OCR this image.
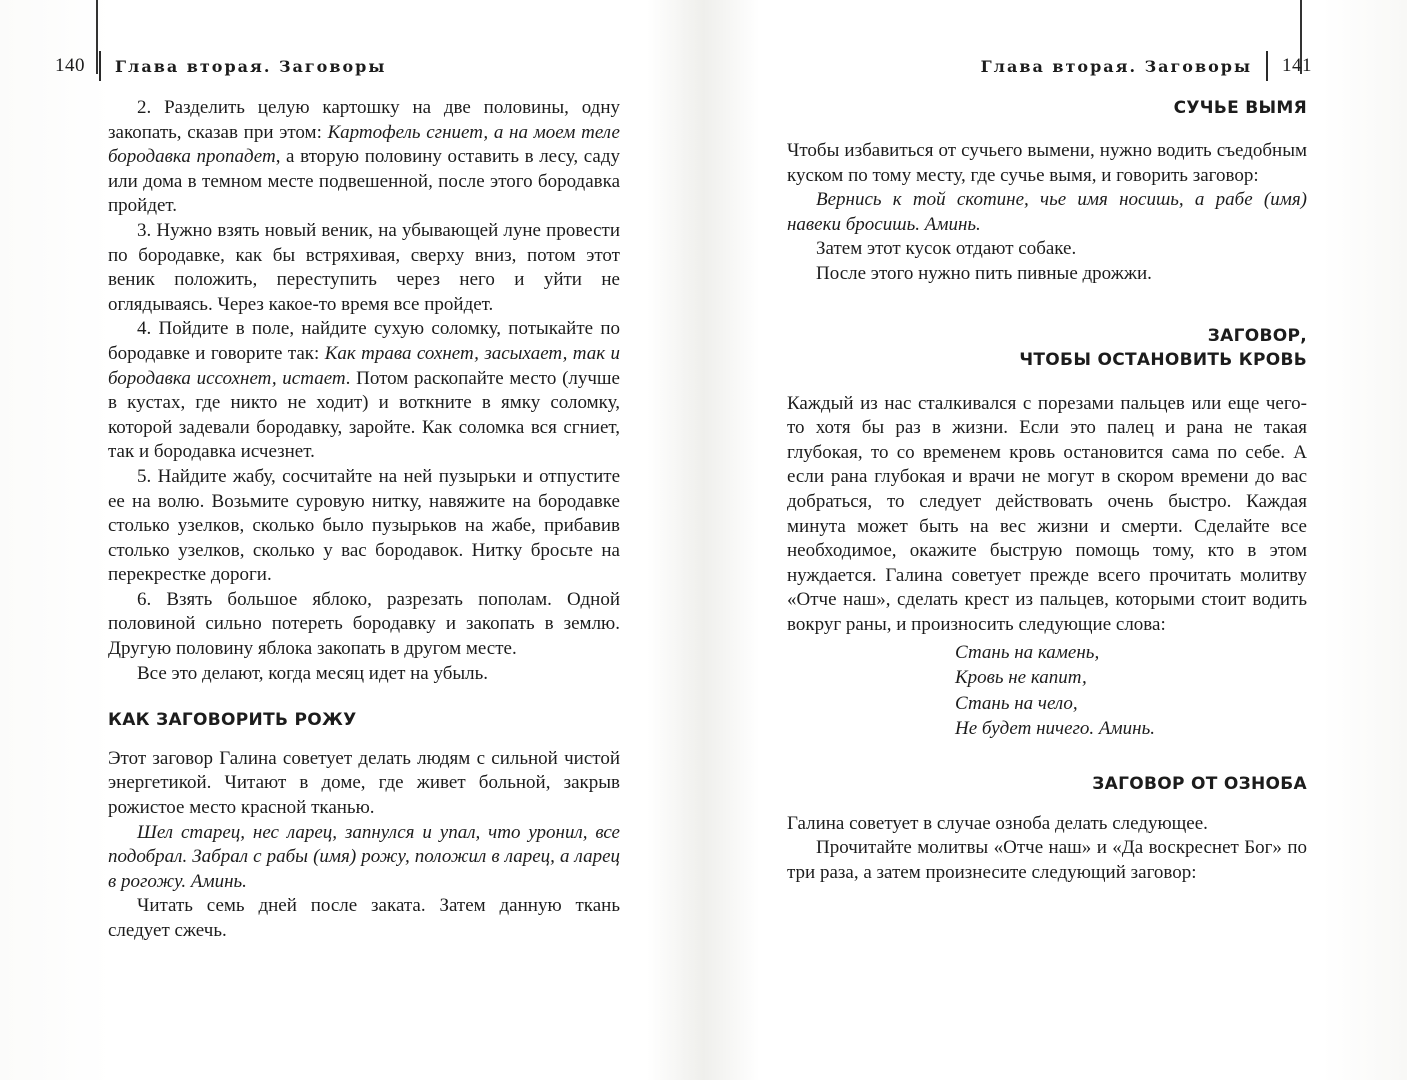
140 Глава вторая. Заговоры

2. Разделить целую картошку на две половины, одну закопать, сказав при этом: Картофель сгниет, а на моем теле бородавка пропадет, а вторую половину оставить в лесу, саду или дома в темном месте подвешенной, после этого бородавка пройдет.

3. Нужно взять новый веник, на убывающей луне провести по бородавке, как бы встряхивая, сверху вниз, потом этот веник положить, переступить через него и уйти не оглядываясь. Через какое-то время все пройдет.

4. Пойдите в поле, найдите сухую соломку, потыкайте по бородавке и говорите так: Как трава сохнет, засыхает, так и бородавка иссохнет, истает. Потом раскопайте место (лучше в кустах, где никто не ходит) и воткните в ямку соломку, которой задевали бородавку, заройте. Как соломка вся сгниет, так и бородавка исчезнет.

5. Найдите жабу, сосчитайте на ней пузырьки и отпустите ее на волю. Возьмите суровую нитку, навяжите на бородавке столько узелков, сколько было пузырьков на жабе, прибавив столько узелков, сколько у вас бородавок. Нитку бросьте на перекрестке дороги.

6. Взять большое яблоко, разрезать пополам. Одной половиной сильно потереть бородавку и закопать в землю. Другую половину яблока закопать в другом месте.

Все это делают, когда месяц идет на убыль.

КАК ЗАГОВОРИТЬ РОЖУ

Этот заговор Галина советует делать людям с сильной чистой энергетикой. Читают в доме, где живет больной, закрыв рожистое место красной тканью.

Шел старец, нес ларец, запнулся и упал, что уронил, все подобрал. Забрал с рабы (имя) рожу, положил в ларец, а ларец в рогожу. Аминь.

Читать семь дней после заката. Затем данную ткань следует сжечь.

Глава вторая. Заговоры 141
СУЧЬЕ ВЫМЯ

Чтобы избавиться от сучьего вымени, нужно водить съедобным куском по тому месту, где сучье вымя, и говорить заговор:

Вернись к той скотине, чье имя носишь, а рабе (имя) навеки бросишь. Аминь.

Затем этот кусок отдают собаке.

После этого нужно пить пивные дрожжи.

ЗАГОВОР,
ЧТОБЫ ОСТАНОВИТЬ КРОВЬ

Каждый из нас сталкивался с порезами пальцев или еще чего-то хотя бы раз в жизни. Если это палец и рана не такая глубокая, то со временем кровь остановится сама по себе. А если рана глубокая и врачи не могут в скором времени до вас добраться, то следует действовать очень быстро. Каждая минута может быть на вес жизни и смерти. Сделайте все необходимое, окажите быструю помощь тому, кто в этом нуждается. Галина советует прежде всего прочитать молитву «Отче наш», сделать крест из пальцев, которыми стоит водить вокруг раны, и произносить следующие слова:

Стань на камень,
Кровь не капит,
Стань на чело,
Не будет ничего. Аминь.
ЗАГОВОР ОТ ОЗНОБА

Галина советует в случае озноба делать следующее.

Прочитайте молитвы «Отче наш» и «Да воскреснет Бог» по три раза, а затем произнесите следующий заговор:
